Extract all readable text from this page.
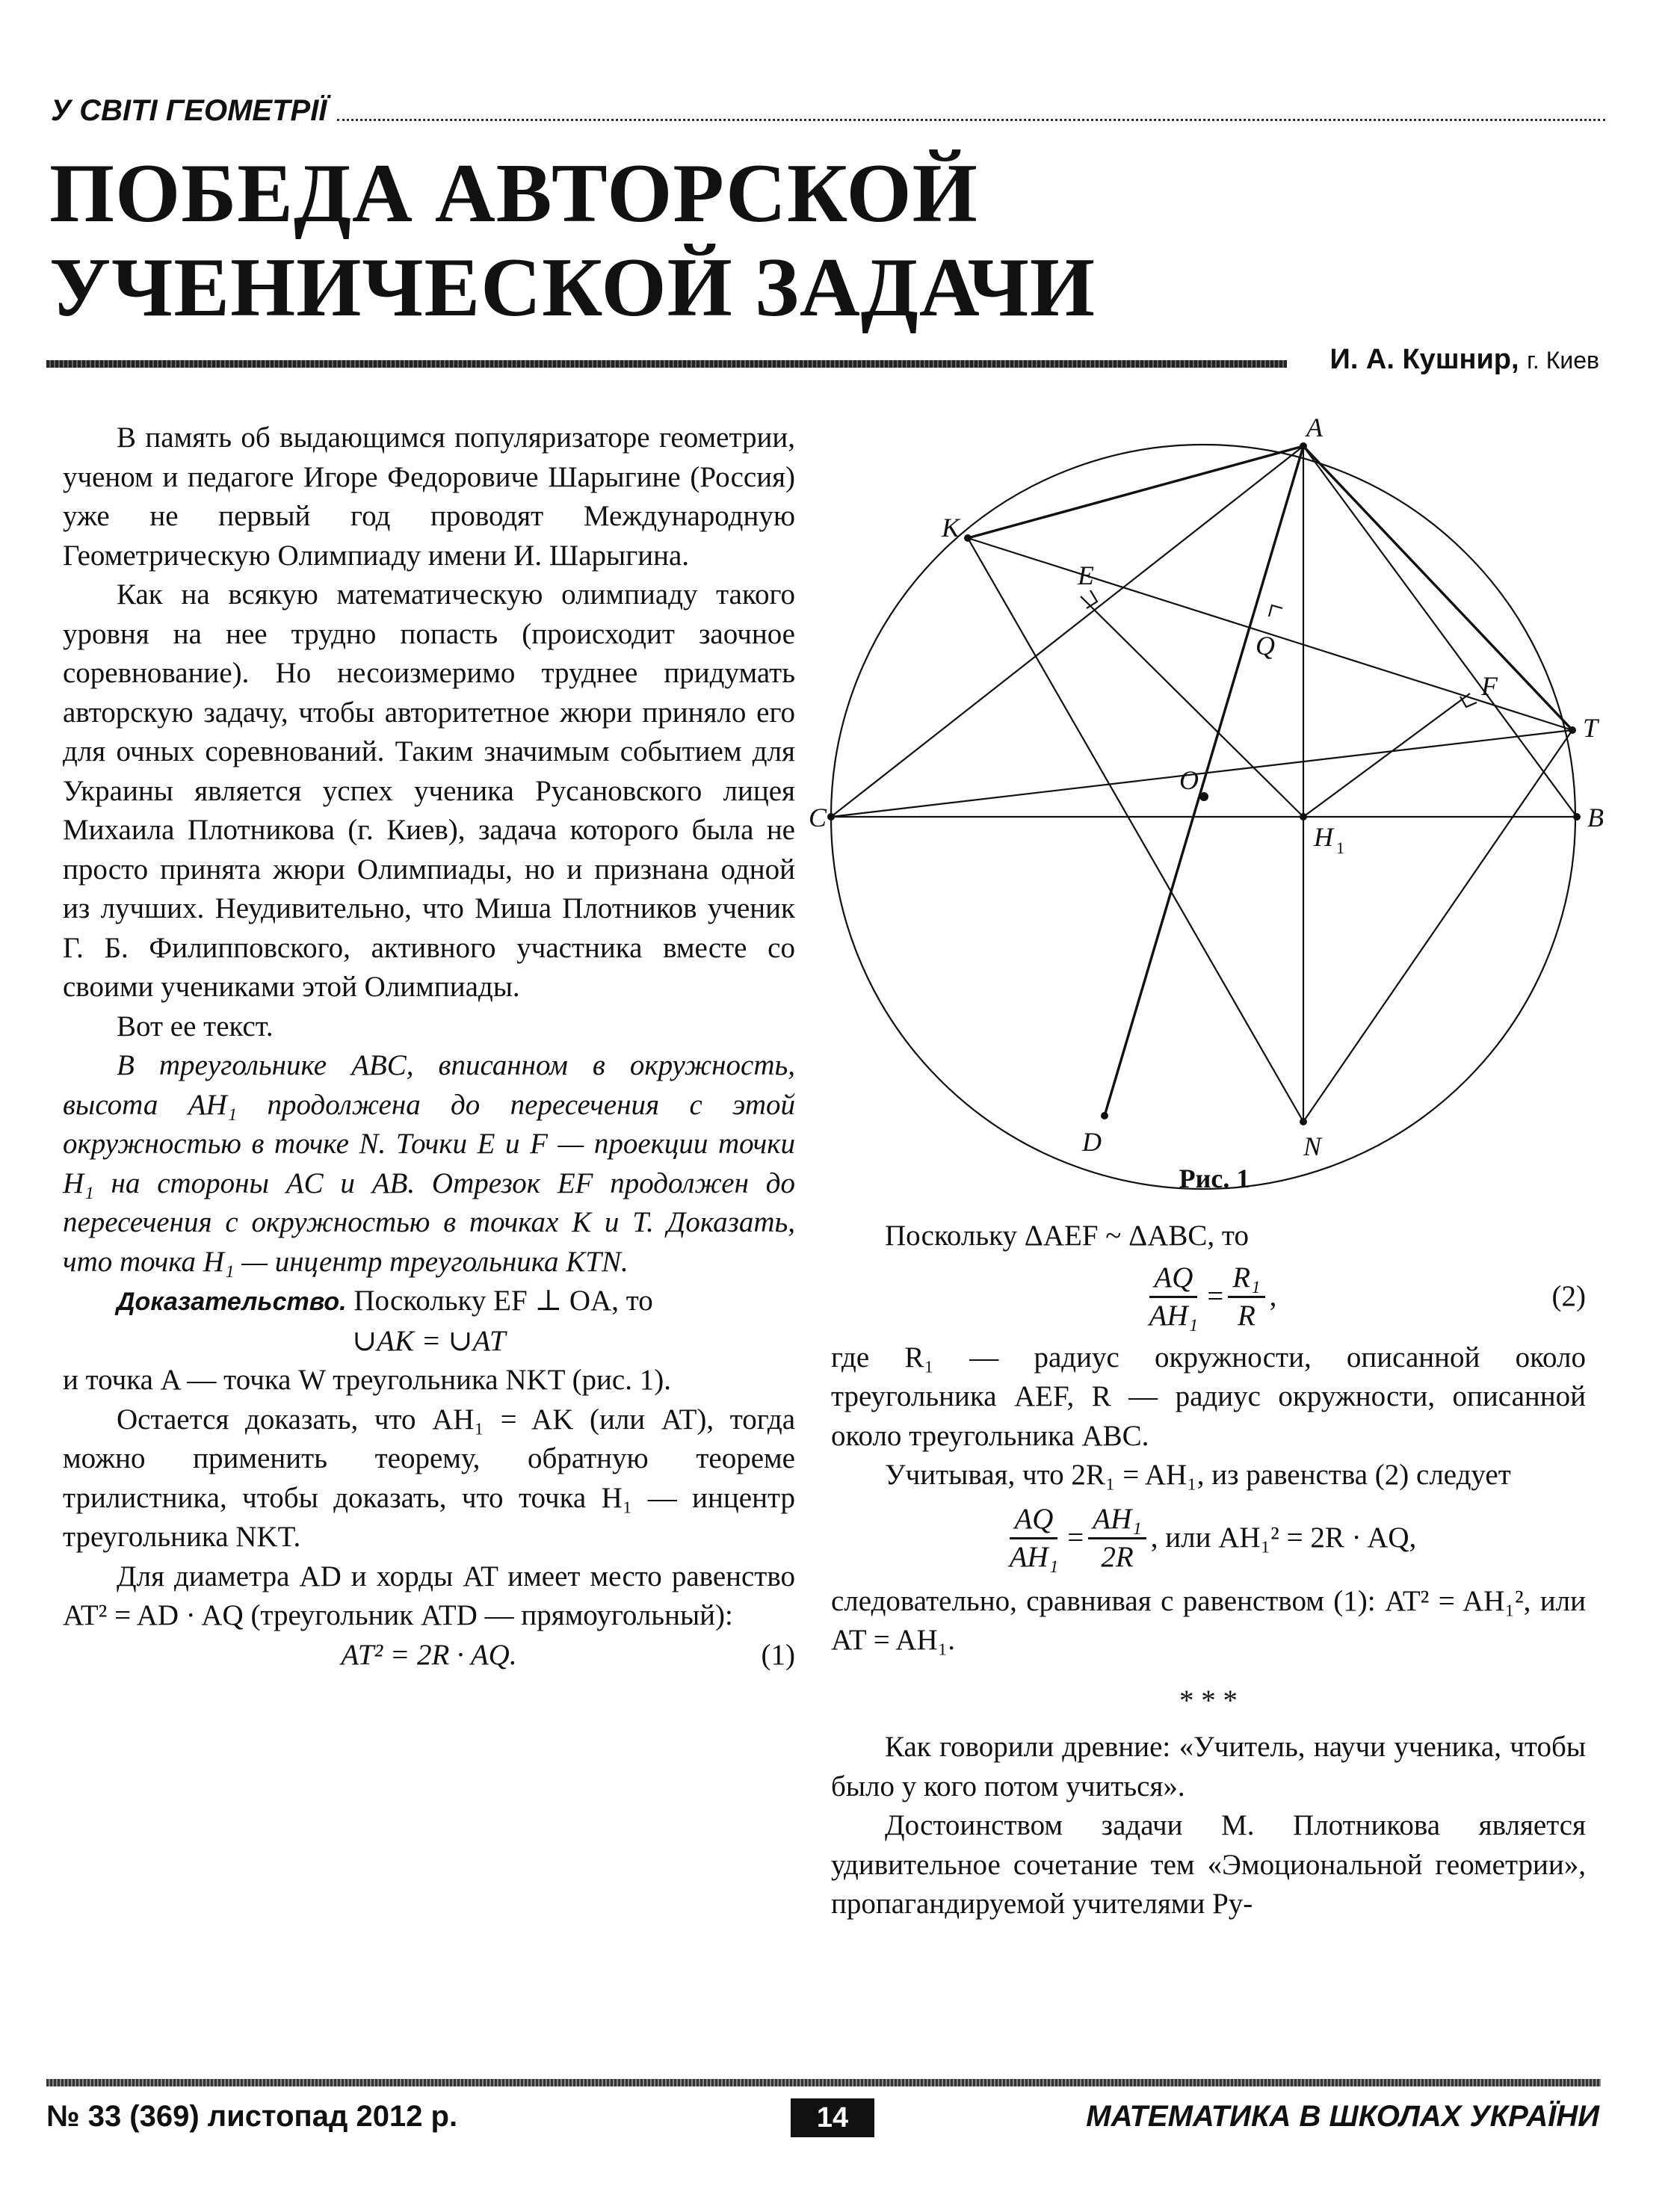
У СВІТІ ГЕОМЕТРІЇ
ПОБЕДА АВТОРСКОЙ
УЧЕНИЧЕСКОЙ ЗАДАЧИ
И. А. Кушнир, г. Киев

В память об выдающимся популяризаторе геометрии, ученом и педагоге Игоре Федоровиче Шарыгине (Россия) уже не первый год проводят Международную Геометрическую Олимпиаду имени И. Шарыгина.

Как на всякую математическую олимпиаду такого уровня на нее трудно попасть (происходит заочное соревнование). Но несоизмеримо труднее придумать авторскую задачу, чтобы авторитетное жюри приняло его для очных соревнований. Таким значимым событием для Украины является успех ученика Русановского лицея Михаила Плотникова (г. Киев), задача которого была не просто принята жюри Олимпиады, но и признана одной из лучших. Неудивительно, что Миша Плотников ученик Г. Б. Филипповского, активного участника вместе со своими учениками этой Олимпиады.

Вот ее текст.

В треугольнике ABC, вписанном в окружность, высота AH₁ продолжена до пересечения с этой окружностью в точке N. Точки E и F — проекции точки H₁ на стороны AC и AB. Отрезок EF продолжен до пересечения с окружностью в точках K и T. Доказать, что точка H₁ — инцентр треугольника KTN.

Доказательство. Поскольку EF ⊥ OA, то

∪AK = ∪AT

и точка A — точка W треугольника NKT (рис. 1).

Остается доказать, что AH₁ = AK (или AT), тогда можно применить теорему, обратную теореме трилистника, чтобы доказать, что точка H₁ — инцентр треугольника NKT.

Для диаметра AD и хорды AT имеет место равенство AT² = AD · AQ (треугольник ATD — прямоугольный):

AT² = 2R · AQ.	(1)
A
K
E
Q
F
T
O
C	B
H 1
D	N
Рис. 1

Поскольку ΔAEF ~ ΔABC, то

$\frac{AQ}{\text{AH₁}} = \frac{\text{R₁}}{R}$ ,	(2)

где R₁ — радиус окружности, описанной около треугольника AEF, R — радиус окружности, описанной около треугольника ABC.

Учитывая, что 2R₁ = AH₁, из равенства (2) следует

$\frac{AQ}{\text{AH₁}} = \frac{\text{AH₁}}{2R}$ , или AH₁² = 2R · AQ,

следовательно, сравнивая с равенством (1): AT² = AH₁², или AT = AH₁.

* * *

Как говорили древние: «Учитель, научи ученика, чтобы было у кого потом учиться».

Достоинством задачи М. Плотникова является удивительное сочетание тем «Эмоциональной геометрии», пропагандируемой учителями Ру-

№ 33 (369) листопад 2012 р.	14	МАТЕМАТИКА В ШКОЛАХ УКРАЇНИ
